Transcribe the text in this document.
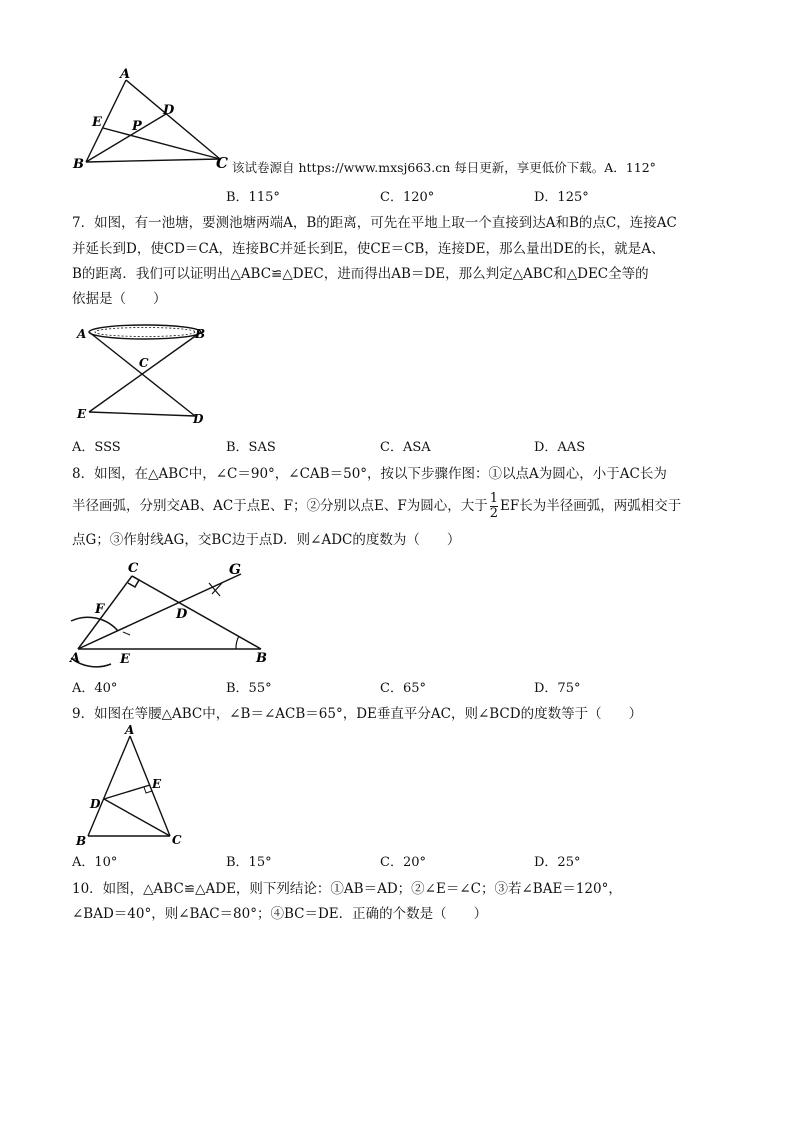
A
D
E P
B	C 该试卷源自 https://www.mxsj663.cn 每日更新，享更低价下载。A．112°
B．115°	C．120°	D．125°
7．如图，有一池塘，要测池塘两端A，B的距离，可先在平地上取一个直接到达A和B的点C，连接AC
并延长到D，使CD＝CA，连接BC并延长到E，使CE＝CB，连接DE，那么量出DE的长，就是A、
B的距离．我们可以证明出△ABC≌△DEC，进而得出AB＝DE，那么判定△ABC和△DEC全等的
依据是（　　）
A	B
C
E	D
A．SSS	B．SAS	C．ASA	D．AAS
8．如图，在△ABC中，∠C＝90°，∠CAB＝50°，按以下步骤作图：①以点A为圆心，小于AC长为
半径画弧，分别交AB、AC于点E、F；②分别以点E、F为圆心，大于 $\frac{1}{2}$ EF长为半径画弧，两弧相交于
点G；③作射线AG，交BC边于点D．则∠ADC的度数为（　　）
C	G
F	D
A	E	B
A．40°	B．55°	C．65°	D．75°
9．如图在等腰△ABC中，∠B＝∠ACB＝65°，DE垂直平分AC，则∠BCD的度数等于（　　）
A
E
D
B	C
A．10°	B．15°	C．20°	D．25°
10．如图，△ABC≌△ADE，则下列结论：①AB＝AD；②∠E＝∠C；③若∠BAE＝120°，
∠BAD＝40°，则∠BAC＝80°；④BC＝DE．正确的个数是（　　）
